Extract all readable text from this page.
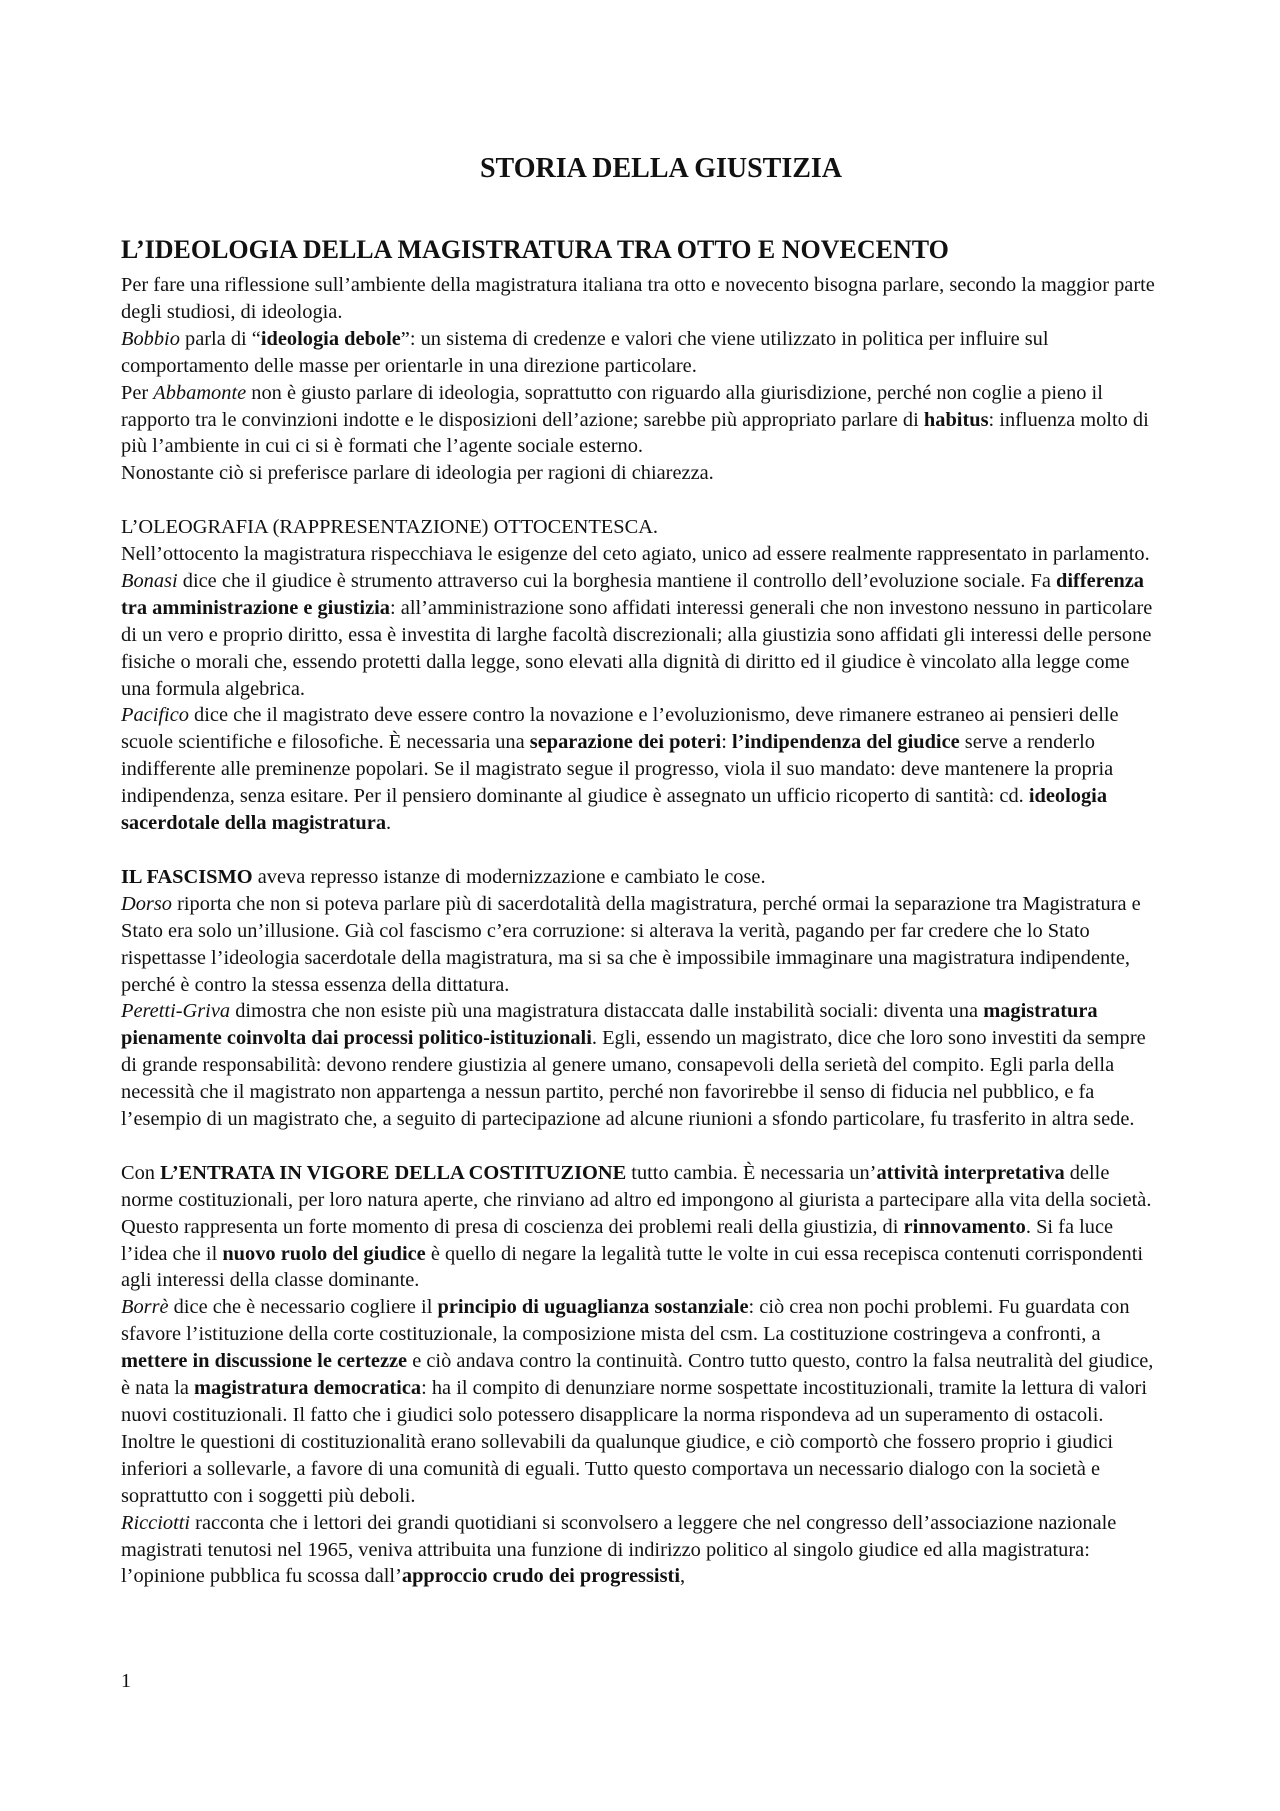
STORIA DELLA GIUSTIZIA
L’IDEOLOGIA DELLA MAGISTRATURA TRA OTTO E NOVECENTO

Per fare una riflessione sull’ambiente della magistratura italiana tra otto e novecento bisogna parlare, secondo la maggior parte degli studiosi, di ideologia.

Bobbio parla di “ideologia debole”: un sistema di credenze e valori che viene utilizzato in politica per influire sul comportamento delle masse per orientarle in una direzione particolare.

Per Abbamonte non è giusto parlare di ideologia, soprattutto con riguardo alla giurisdizione, perché non coglie a pieno il rapporto tra le convinzioni indotte e le disposizioni dell’azione; sarebbe più appropriato parlare di habitus: influenza molto di più l’ambiente in cui ci si è formati che l’agente sociale esterno.

Nonostante ciò si preferisce parlare di ideologia per ragioni di chiarezza.

L’OLEOGRAFIA (RAPPRESENTAZIONE) OTTOCENTESCA.

Nell’ottocento la magistratura rispecchiava le esigenze del ceto agiato, unico ad essere realmente rappresentato in parlamento.

Bonasi dice che il giudice è strumento attraverso cui la borghesia mantiene il controllo dell’evoluzione sociale. Fa differenza tra amministrazione e giustizia: all’amministrazione sono affidati interessi generali che non investono nessuno in particolare di un vero e proprio diritto, essa è investita di larghe facoltà discrezionali; alla giustizia sono affidati gli interessi delle persone fisiche o morali che, essendo protetti dalla legge, sono elevati alla dignità di diritto ed il giudice è vincolato alla legge come una formula algebrica.

Pacifico dice che il magistrato deve essere contro la novazione e l’evoluzionismo, deve rimanere estraneo ai pensieri delle scuole scientifiche e filosofiche. È necessaria una separazione dei poteri: l’indipendenza del giudice serve a renderlo indifferente alle preminenze popolari. Se il magistrato segue il progresso, viola il suo mandato: deve mantenere la propria indipendenza, senza esitare. Per il pensiero dominante al giudice è assegnato un ufficio ricoperto di santità: cd. ideologia sacerdotale della magistratura.

IL FASCISMO aveva represso istanze di modernizzazione e cambiato le cose.

Dorso riporta che non si poteva parlare più di sacerdotalità della magistratura, perché ormai la separazione tra Magistratura e Stato era solo un’illusione. Già col fascismo c’era corruzione: si alterava la verità, pagando per far credere che lo Stato rispettasse l’ideologia sacerdotale della magistratura, ma si sa che è impossibile immaginare una magistratura indipendente, perché è contro la stessa essenza della dittatura.

Peretti-Griva dimostra che non esiste più una magistratura distaccata dalle instabilità sociali: diventa una magistratura pienamente coinvolta dai processi politico-istituzionali. Egli, essendo un magistrato, dice che loro sono investiti da sempre di grande responsabilità: devono rendere giustizia al genere umano, consapevoli della serietà del compito. Egli parla della necessità che il magistrato non appartenga a nessun partito, perché non favorirebbe il senso di fiducia nel pubblico, e fa l’esempio di un magistrato che, a seguito di partecipazione ad alcune riunioni a sfondo particolare, fu trasferito in altra sede.

Con L’ENTRATA IN VIGORE DELLA COSTITUZIONE tutto cambia. È necessaria un’attività interpretativa delle norme costituzionali, per loro natura aperte, che rinviano ad altro ed impongono al giurista a partecipare alla vita della società. Questo rappresenta un forte momento di presa di coscienza dei problemi reali della giustizia, di rinnovamento. Si fa luce l’idea che il nuovo ruolo del giudice è quello di negare la legalità tutte le volte in cui essa recepisca contenuti corrispondenti agli interessi della classe dominante.

Borrè dice che è necessario cogliere il principio di uguaglianza sostanziale: ciò crea non pochi problemi. Fu guardata con sfavore l’istituzione della corte costituzionale, la composizione mista del csm. La costituzione costringeva a confronti, a mettere in discussione le certezze e ciò andava contro la continuità. Contro tutto questo, contro la falsa neutralità del giudice, è nata la magistratura democratica: ha il compito di denunziare norme sospettate incostituzionali, tramite la lettura di valori nuovi costituzionali. Il fatto che i giudici solo potessero disapplicare la norma rispondeva ad un superamento di ostacoli. Inoltre le questioni di costituzionalità erano sollevabili da qualunque giudice, e ciò comportò che fossero proprio i giudici inferiori a sollevarle, a favore di una comunità di eguali. Tutto questo comportava un necessario dialogo con la società e soprattutto con i soggetti più deboli.

Ricciotti racconta che i lettori dei grandi quotidiani si sconvolsero a leggere che nel congresso dell’associazione nazionale magistrati tenutosi nel 1965, veniva attribuita una funzione di indirizzo politico al singolo giudice ed alla magistratura: l’opinione pubblica fu scossa dall’approccio crudo dei progressisti,

1
